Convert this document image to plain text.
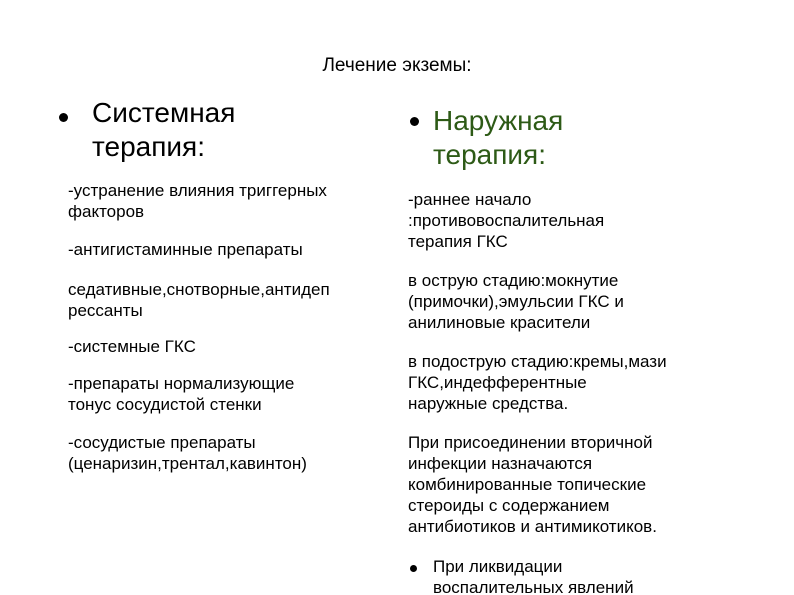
Лечение экземы:
Системная
терапия:
-устранение влияния триггерных
факторов
-антигистаминные препараты
седативные,снотворные,антидеп
рессанты
-системные ГКС
-препараты нормализующие
тонус сосудистой стенки
-сосудистые препараты
(ценаризин,трентал,кавинтон)
Наружная
терапия:
-раннее начало
:противовоспалительная
терапия ГКС
в острую стадию:мокнутие
(примочки),эмульсии ГКС и
анилиновые красители
в подострую стадию:кремы,мази
ГКС,индефферентные
наружные средства.
При присоединении вторичной
инфекции назначаются
комбинированные топические
стероиды с содержанием
антибиотиков и антимикотиков.
При ликвидации
воспалительных явлений
